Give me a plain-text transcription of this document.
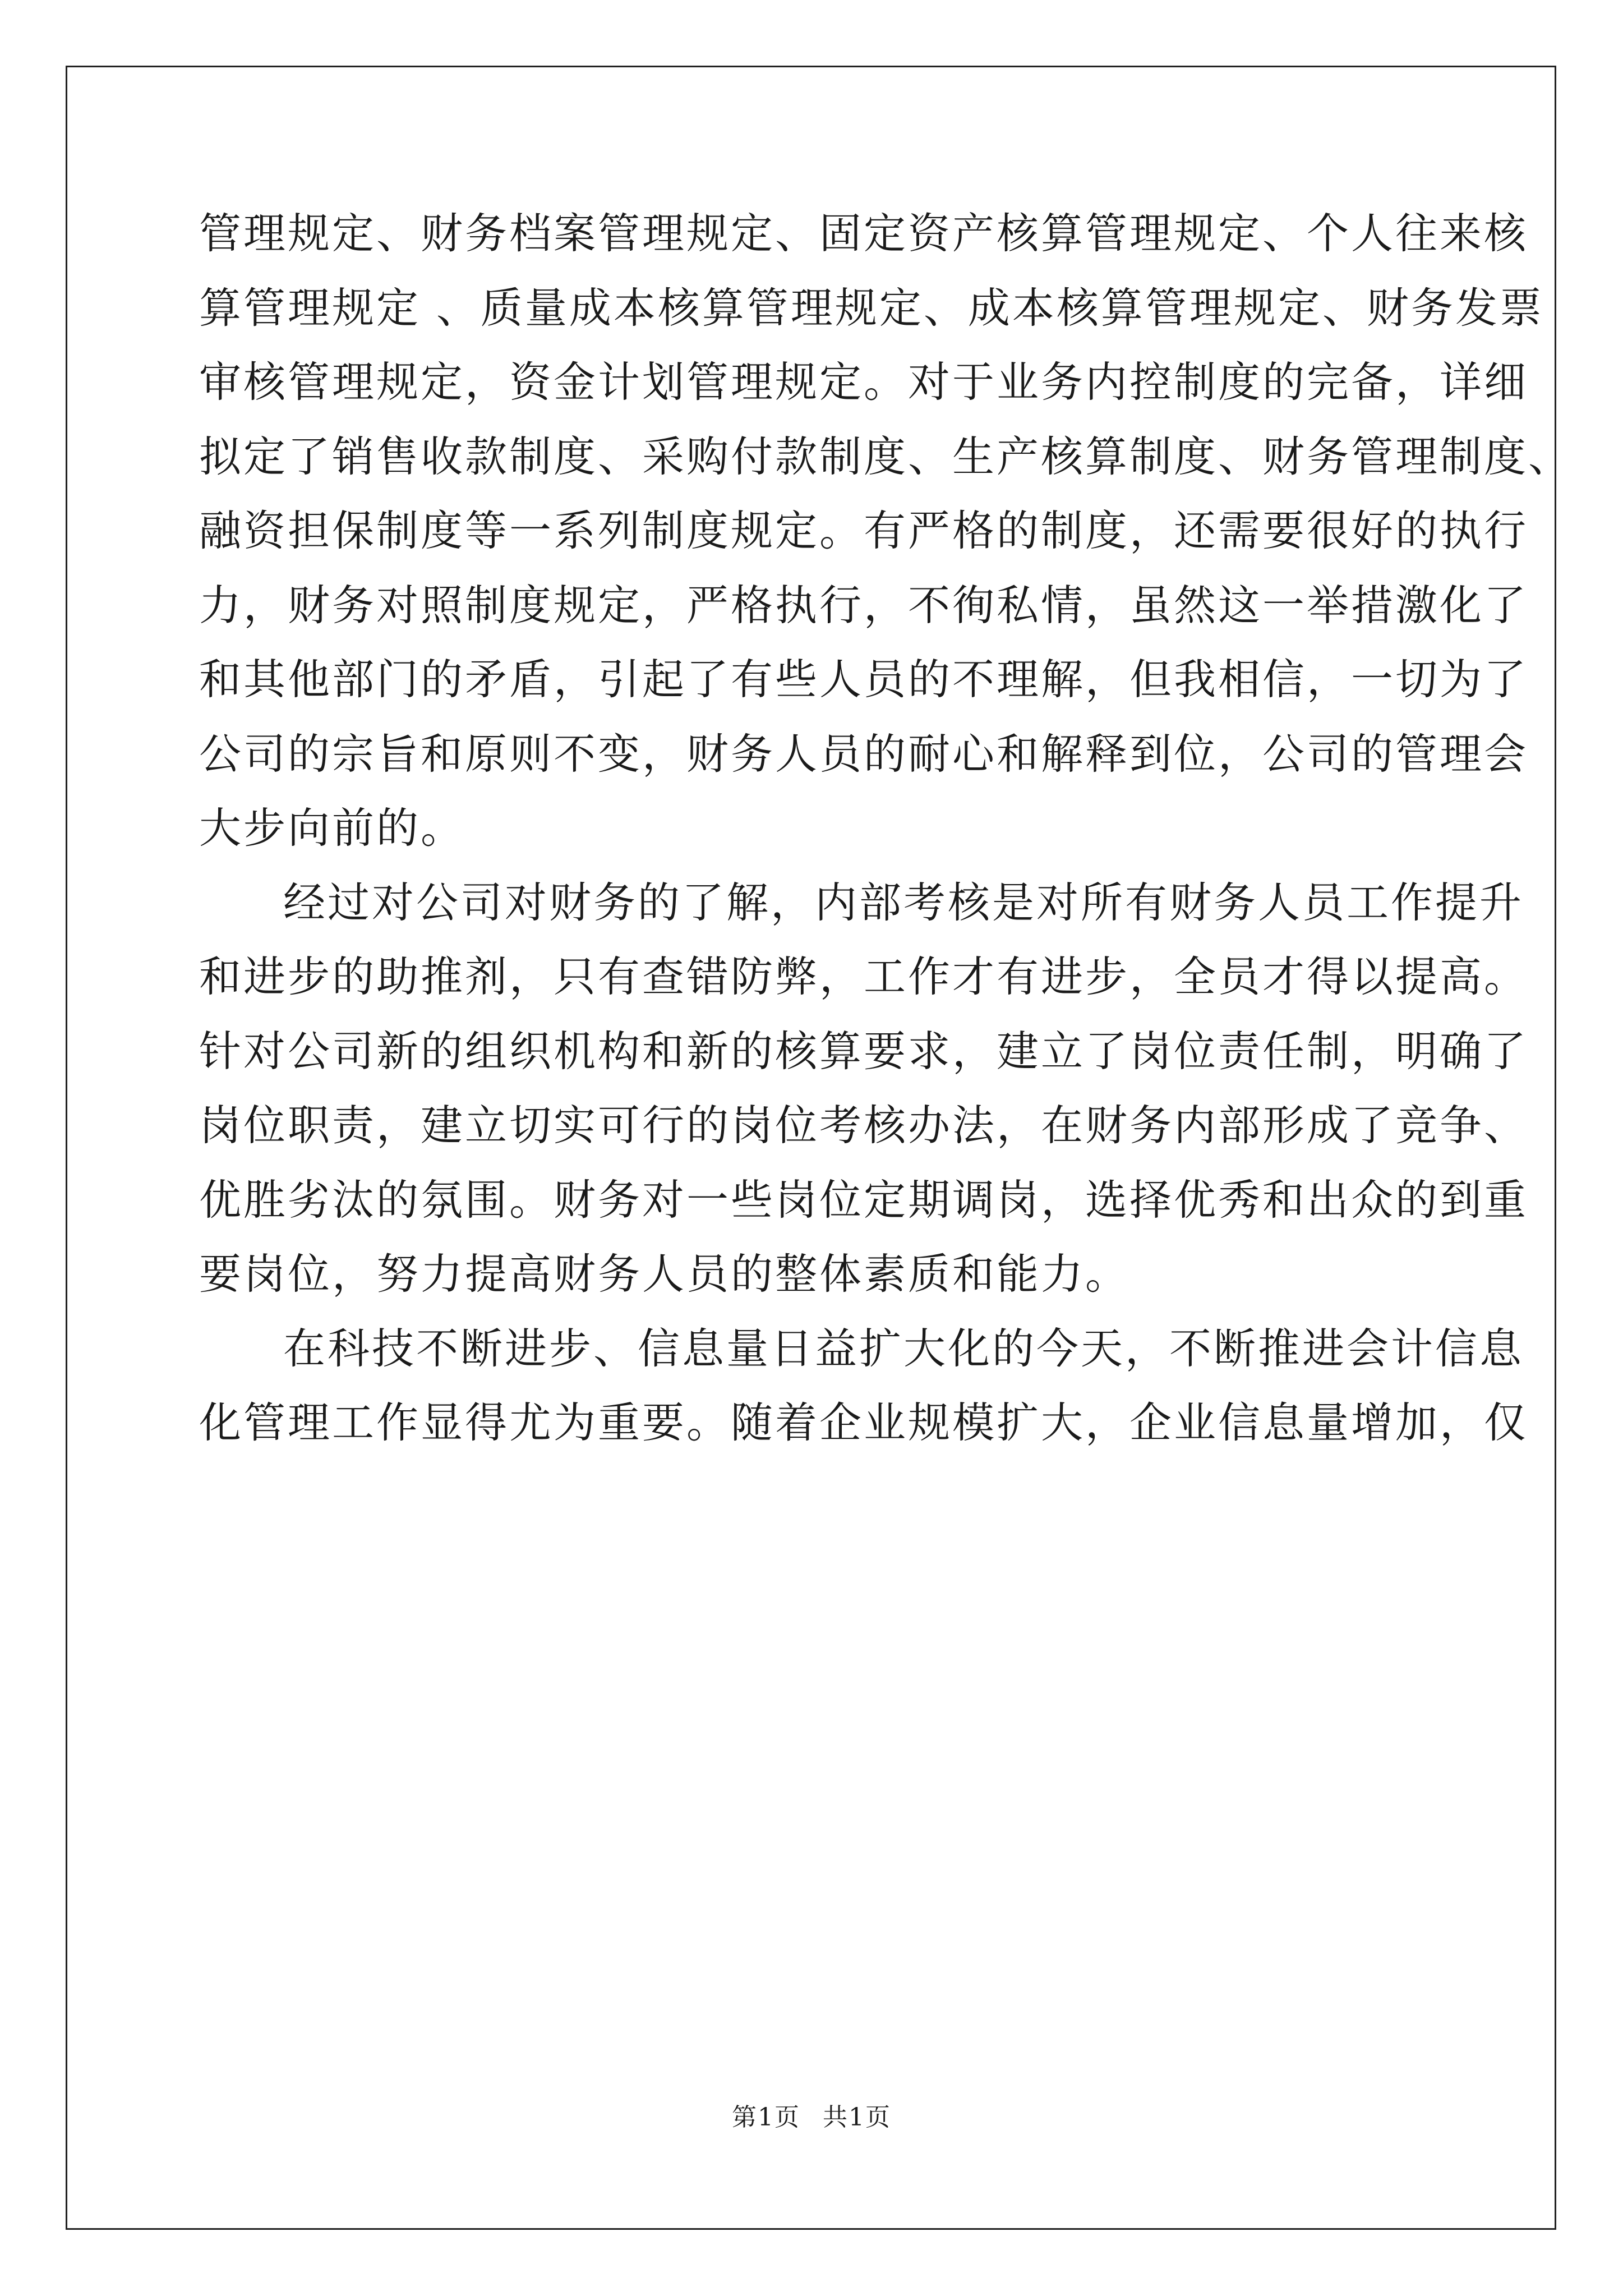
管理规定、财务档案管理规定、固定资产核算管理规定、个人往来核
算管理规定 、质量成本核算管理规定、成本核算管理规定、财务发票
审核管理规定，资金计划管理规定。对于业务内控制度的完备，详细
拟定了销售收款制度、采购付款制度、生产核算制度、财务管理制度、
融资担保制度等一系列制度规定。有严格的制度，还需要很好的执行
力，财务对照制度规定，严格执行，不徇私情，虽然这一举措激化了
和其他部门的矛盾，引起了有些人员的不理解，但我相信，一切为了
公司的宗旨和原则不变，财务人员的耐心和解释到位，公司的管理会
大步向前的。
经过对公司对财务的了解，内部考核是对所有财务人员工作提升
和进步的助推剂，只有查错防弊，工作才有进步，全员才得以提高。
针对公司新的组织机构和新的核算要求，建立了岗位责任制，明确了
岗位职责，建立切实可行的岗位考核办法，在财务内部形成了竞争、
优胜劣汰的氛围。财务对一些岗位定期调岗，选择优秀和出众的到重
要岗位，努力提高财务人员的整体素质和能力。
在科技不断进步、信息量日益扩大化的今天，不断推进会计信息
化管理工作显得尤为重要。随着企业规模扩大，企业信息量增加，仅
第1页 共1页
